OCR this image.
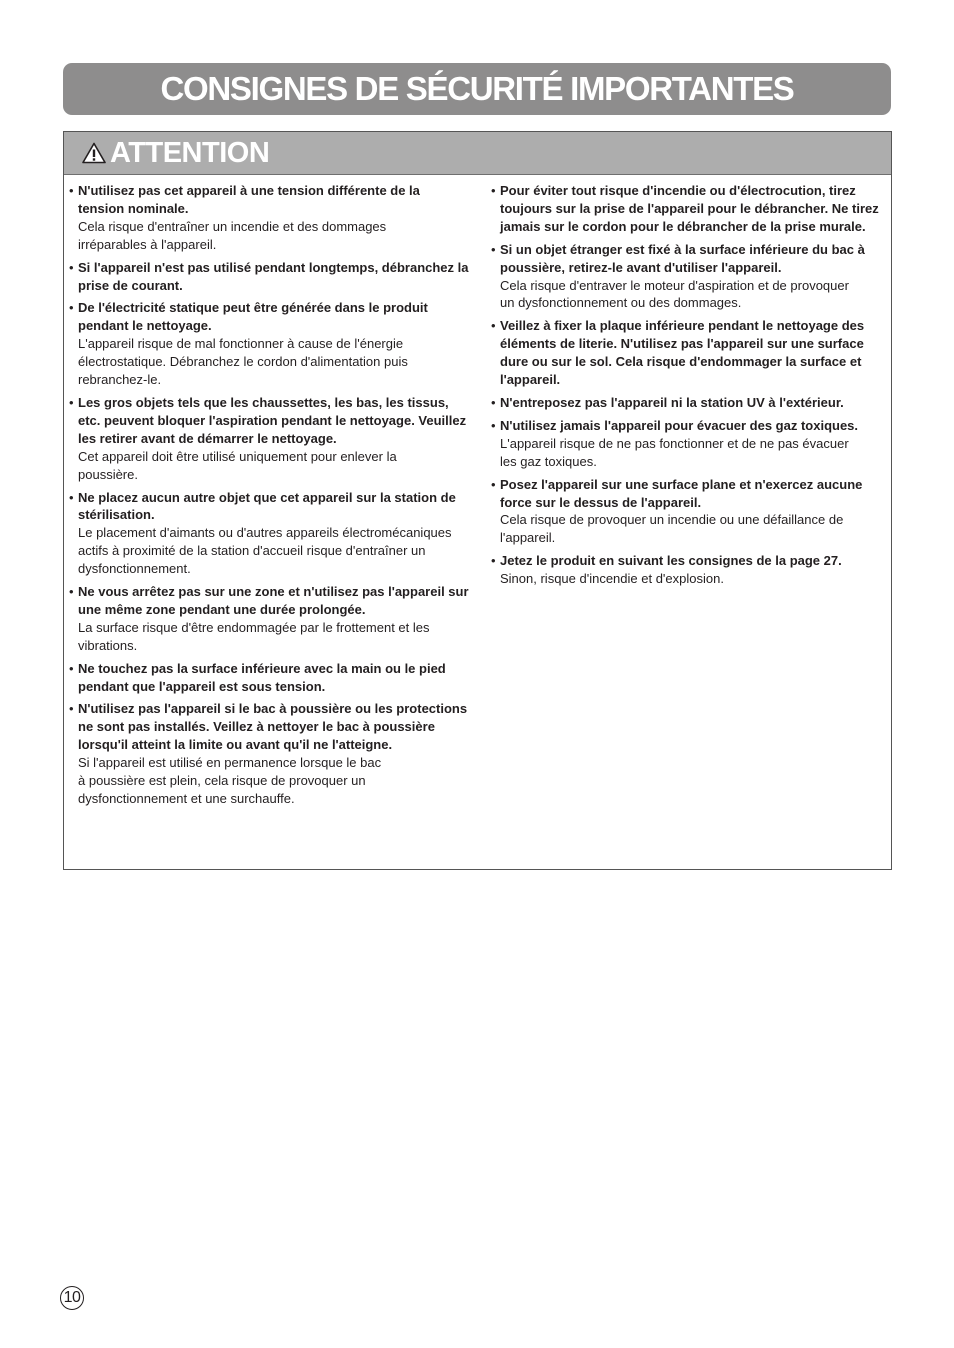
CONSIGNES DE SÉCURITÉ IMPORTANTES
ATTENTION
• N'utilisez pas cet appareil à une tension différente de la tension nominale.

Cela risque d'entraîner un incendie et des dommages

irréparables à l'appareil.

• Si l'appareil n'est pas utilisé pendant longtemps, débranchez la prise de courant.

• De l'électricité statique peut être générée dans le produit pendant le nettoyage.

L'appareil risque de mal fonctionner à cause de l'énergie

électrostatique. Débranchez le cordon d'alimentation puis

rebranchez-le.

• Les gros objets tels que les chaussettes, les bas, les tissus, etc. peuvent bloquer l'aspiration pendant le nettoyage. Veuillez les retirer avant de démarrer le nettoyage.

Cet appareil doit être utilisé uniquement pour enlever la

poussière.

• Ne placez aucun autre objet que cet appareil sur la station de stérilisation.

Le placement d'aimants ou d'autres appareils électromécaniques

actifs à proximité de la station d'accueil risque d'entraîner un

dysfonctionnement.

• Ne vous arrêtez pas sur une zone et n'utilisez pas l'appareil sur une même zone pendant une durée prolongée.

La surface risque d'être endommagée par le frottement et les

vibrations.

• Ne touchez pas la surface inférieure avec la main ou le pied pendant que l'appareil est sous tension.

• N'utilisez pas l'appareil si le bac à poussière ou les protections ne sont pas installés. Veillez à nettoyer le bac à poussière lorsqu'il atteint la limite ou avant qu'il ne l'atteigne.

Si l'appareil est utilisé en permanence lorsque le bac

à poussière est plein, cela risque de provoquer un

dysfonctionnement et une surchauffe.

• Pour éviter tout risque d'incendie ou d'électrocution, tirez toujours sur la prise de l'appareil pour le débrancher. Ne tirez jamais sur le cordon pour le débrancher de la prise murale.

• Si un objet étranger est fixé à la surface inférieure du bac à poussière, retirez-le avant d'utiliser l'appareil.

Cela risque d'entraver le moteur d'aspiration et de provoquer

un dysfonctionnement ou des dommages.

• Veillez à fixer la plaque inférieure pendant le nettoyage des éléments de literie. N'utilisez pas l'appareil sur une surface dure ou sur le sol. Cela risque d'endommager la surface et l'appareil.

• N'entreposez pas l'appareil ni la station UV à l'extérieur.

• N'utilisez jamais l'appareil pour évacuer des gaz toxiques.

L'appareil risque de ne pas fonctionner et de ne pas évacuer

les gaz toxiques.

• Posez l'appareil sur une surface plane et n'exercez aucune force sur le dessus de l'appareil.

Cela risque de provoquer un incendie ou une défaillance de

l'appareil.

• Jetez le produit en suivant les consignes de la page 27.

Sinon, risque d'incendie et d'explosion.

10
